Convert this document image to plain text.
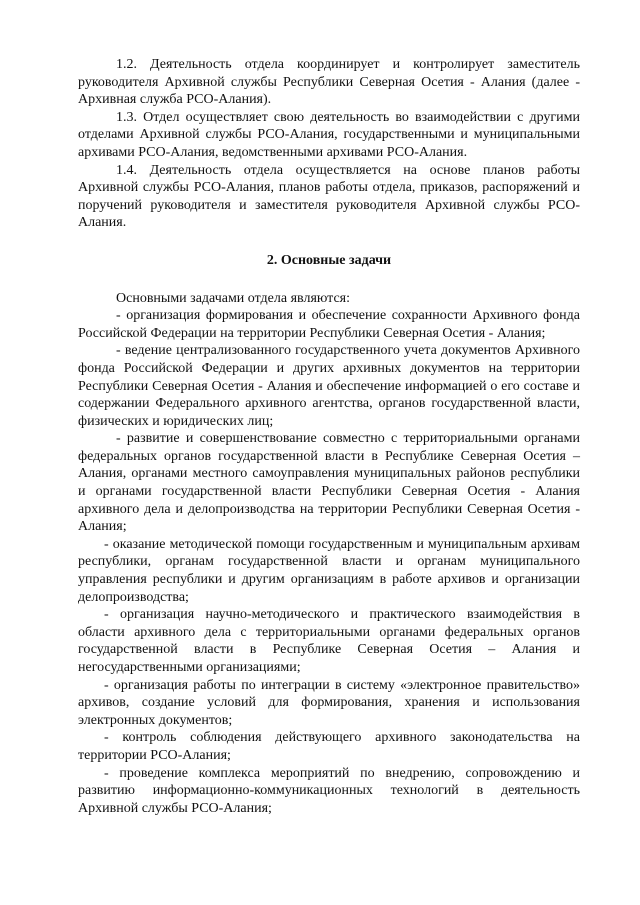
1.2. Деятельность отдела координирует и контролирует заместитель руководителя Архивной службы Республики Северная Осетия - Алания (далее - Архивная служба РСО-Алания).

1.3. Отдел осуществляет свою деятельность во взаимодействии с другими отделами Архивной службы РСО-Алания, государственными и муниципальными архивами РСО-Алания, ведомственными архивами РСО-Алания.

1.4. Деятельность отдела осуществляется на основе планов работы Архивной службы РСО-Алания, планов работы отдела, приказов, распоряжений и поручений руководителя и заместителя руководителя Архивной службы РСО-Алания.

2. Основные задачи

Основными задачами отдела являются:

- организация формирования и обеспечение сохранности Архивного фонда Российской Федерации на территории Республики Северная Осетия - Алания;

- ведение централизованного государственного учета документов Архивного фонда Российской Федерации и других архивных документов на территории Республики Северная Осетия - Алания и обеспечение информацией о его составе и содержании Федерального архивного агентства, органов государственной власти, физических и юридических лиц;

- развитие и совершенствование совместно с территориальными органами федеральных органов государственной власти в Республике Северная Осетия – Алания, органами местного самоуправления муниципальных районов республики и органами государственной власти Республики Северная Осетия - Алания архивного дела и делопроизводства на территории Республики Северная Осетия - Алания;

- оказание методической помощи государственным и муниципальным архивам республики, органам государственной власти и органам муниципального управления республики и другим организациям в работе архивов и организации делопроизводства;

- организация научно-методического и практического взаимодействия в области архивного дела с территориальными органами федеральных органов государственной власти в Республике Северная Осетия – Алания и негосударственными организациями;

- организация работы по интеграции в систему «электронное правительство» архивов, создание условий для формирования, хранения и использования электронных документов;

- контроль соблюдения действующего архивного законодательства на территории РСО-Алания;

- проведение комплекса мероприятий по внедрению, сопровождению и развитию информационно-коммуникационных технологий в деятельность Архивной службы РСО-Алания;
